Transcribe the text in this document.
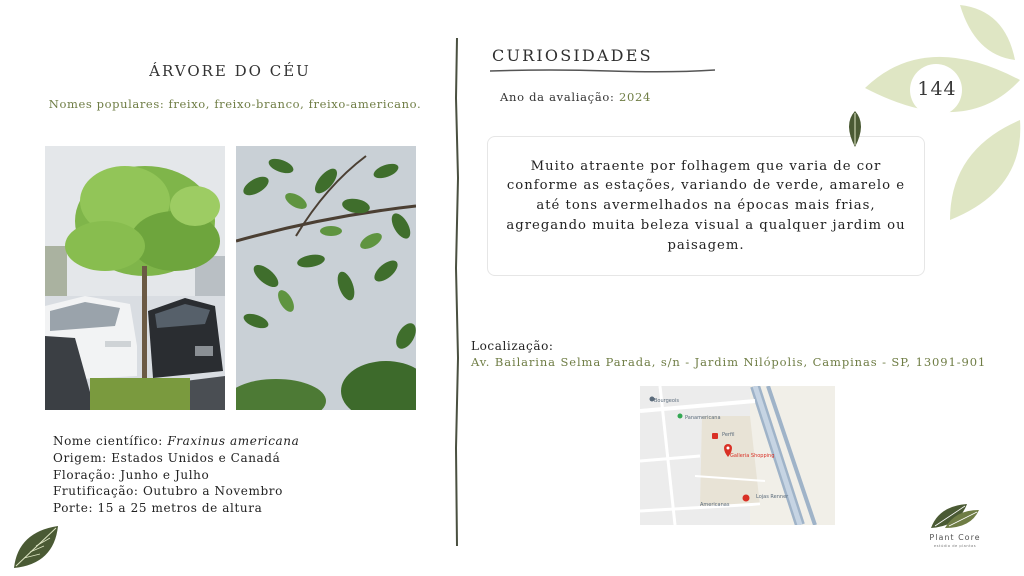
ÁRVORE DO CÉU
Nomes populares: freixo, freixo-branco, freixo-americano.
Nome científico: Fraxinus americana
Origem: Estados Unidos e Canadá
Floração: Junho e Julho
Frutificação: Outubro a Novembro
Porte: 15 a 25 metros de altura
CURIOSIDADES
Ano da avaliação: 2024
Muito atraente por folhagem que varia de cor conforme as estações, variando de verde, amarelo e até tons avermelhados na épocas mais frias, agregando muita beleza visual a qualquer jardim ou paisagem.
Localização:
Av. Bailarina Selma Parada, s/n - Jardim Nilópolis, Campinas - SP, 13091-901
Bourgeois
Panamericana
Perfil
Galleria Shopping
Lojas Renner
Americanas
144
Plant Core
estúdio de plantas
